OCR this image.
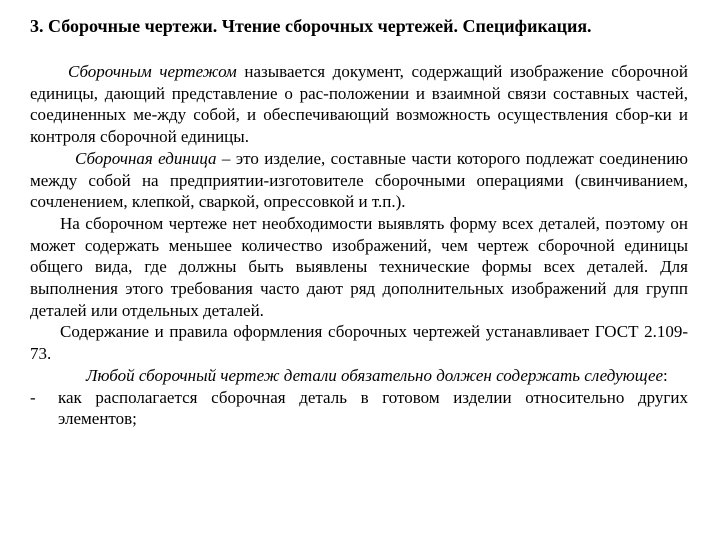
3. Сборочные чертежи. Чтение сборочных чертежей. Спецификация.

Сборочным чертежом называется документ, содержащий изображение сборочной единицы, дающий представление о рас-положении и взаимной связи составных частей, соединенных ме-жду собой, и обеспечивающий возможность осуществления сбор-ки и контроля сборочной единицы.

Сборочная единица – это изделие, составные части которого подлежат соединению между собой на предприятии-изготовителе сборочными операциями (свинчиванием, сочленением, клепкой, сваркой, опрессовкой и т.п.).

На сборочном чертеже нет необходимости выявлять форму всех деталей, поэтому он может содержать меньшее количество изображений, чем чертеж сборочной единицы общего вида, где должны быть выявлены технические формы всех деталей. Для выполнения этого требования часто дают ряд дополнительных изображений для групп деталей или отдельных деталей.

Содержание и правила оформления сборочных чертежей устанавливает ГОСТ 2.109-73.

Любой сборочный чертеж детали обязательно должен содержать следующее:

- как располагается сборочная деталь в готовом изделии относительно других элементов;
